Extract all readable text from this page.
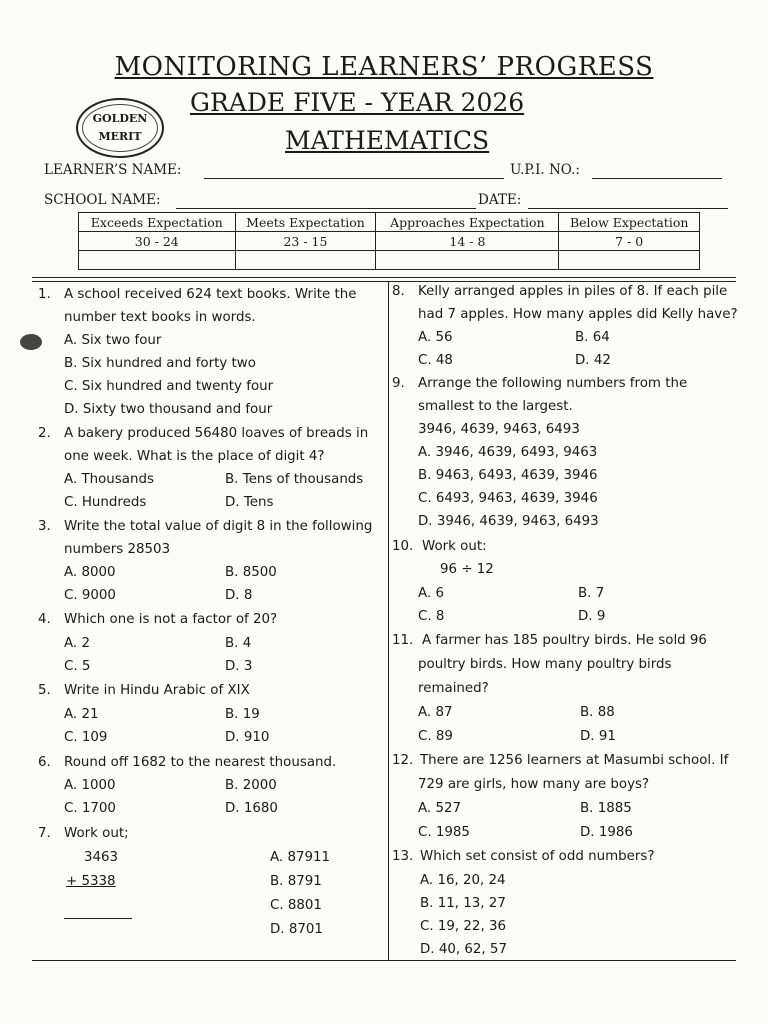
MONITORING LEARNERS’ PROGRESS
GOLDEN
MERIT
GRADE FIVE - YEAR 2026
MATHEMATICS
LEARNER’S NAME:	U.P.I. NO.:
SCHOOL NAME:	DATE:
Exceeds Expectation	Meets Expectation	Approaches Expectation	Below Expectation
30 - 24	23 - 15	14 - 8	7 - 0

1. A school received 624 text books. Write the
number text books in words.
A. Six two four
B. Six hundred and forty two
C. Six hundred and twenty four
D. Sixty two thousand and four
2. A bakery produced 56480 loaves of breads in
one week. What is the place of digit 4?
A. Thousands	B. Tens of thousands
C. Hundreds	D. Tens
3. Write the total value of digit 8 in the following
numbers 28503
A. 8000	B. 8500
C. 9000	D. 8
4. Which one is not a factor of 20?
A. 2	B. 4
C. 5	D. 3
5. Write in Hindu Arabic of XIX
A. 21	B. 19
C. 109	D. 910
6. Round off 1682 to the nearest thousand.
A. 1000	B. 2000
C. 1700	D. 1680
7. Work out;
3463
+ 5338
A. 87911
B. 8791
C. 8801
D. 8701
8. Kelly arranged apples in piles of 8. If each pile
had 7 apples. How many apples did Kelly have?
A. 56	B. 64
C. 48	D. 42
9. Arrange the following numbers from the
smallest to the largest.
3946, 4639, 9463, 6493
A. 3946, 4639, 6493, 9463
B. 9463, 6493, 4639, 3946
C. 6493, 9463, 4639, 3946
D. 3946, 4639, 9463, 6493
10. Work out:
96 ÷ 12
A. 6	B. 7
C. 8	D. 9
11. A farmer has 185 poultry birds. He sold 96
poultry birds. How many poultry birds
remained?
A. 87	B. 88
C. 89	D. 91
12. There are 1256 learners at Masumbi school. If
729 are girls, how many are boys?
A. 527	B. 1885
C. 1985	D. 1986
13. Which set consist of odd numbers?
A. 16, 20, 24
B. 11, 13, 27
C. 19, 22, 36
D. 40, 62, 57
